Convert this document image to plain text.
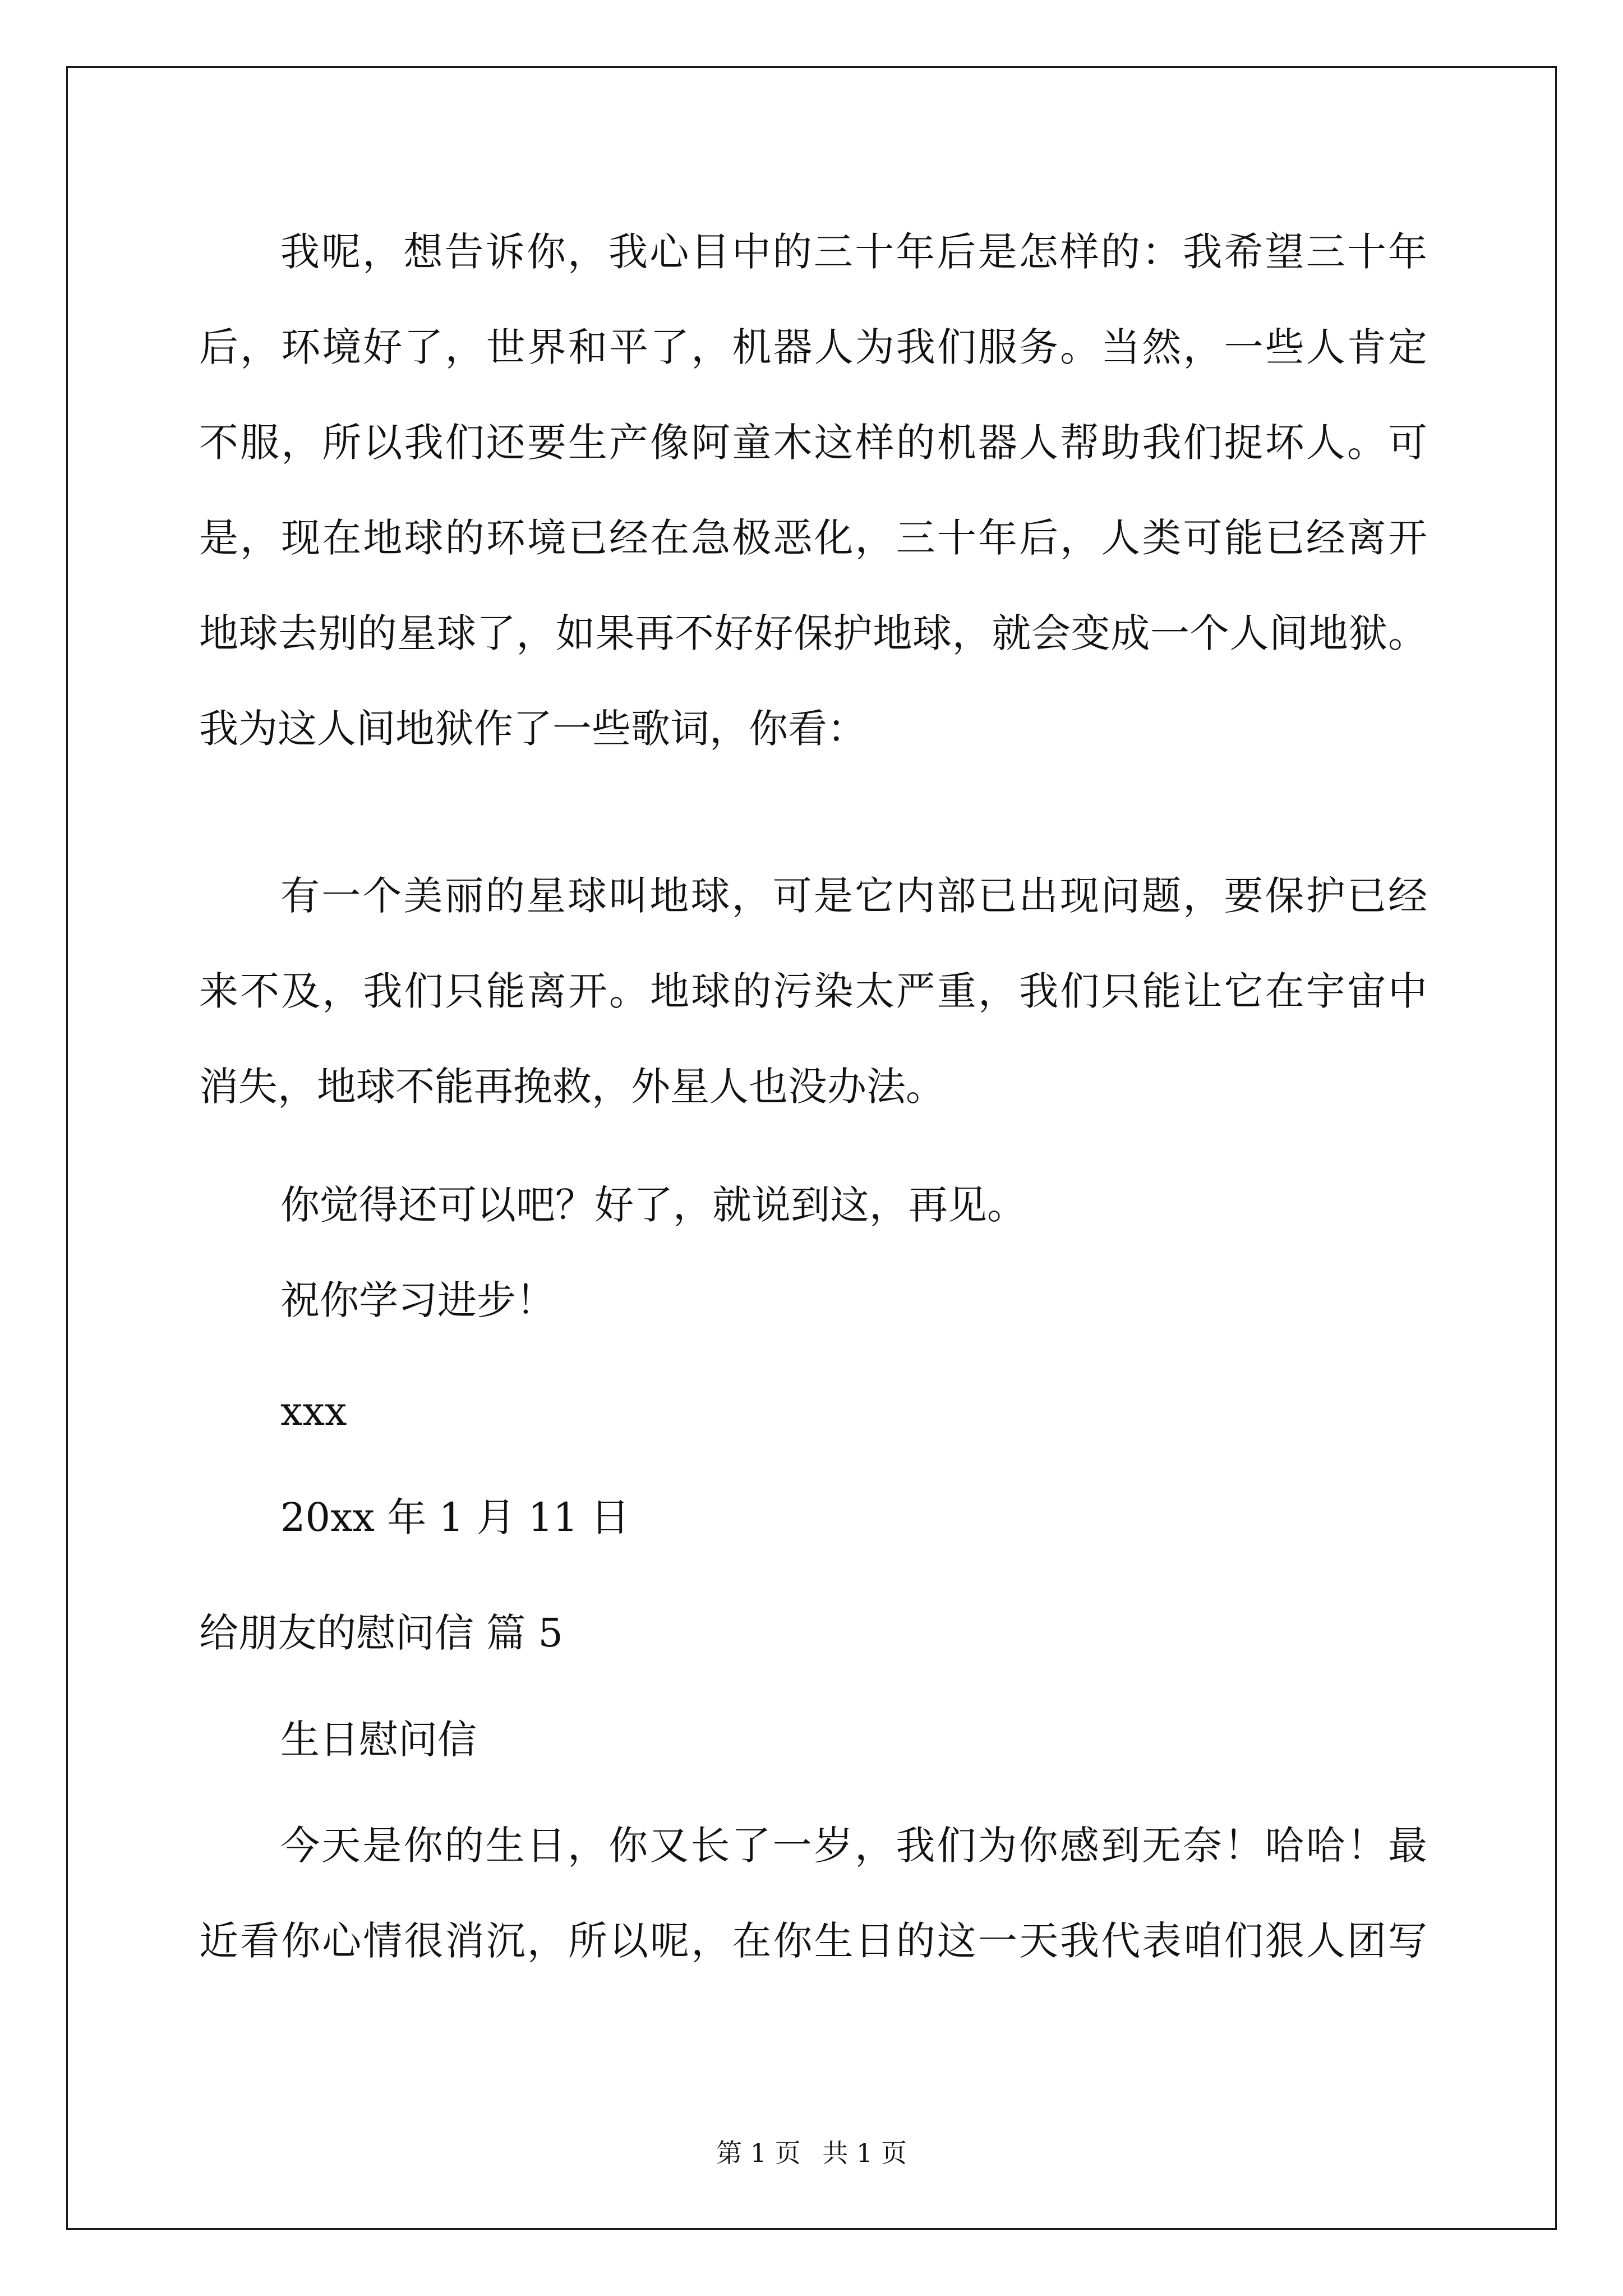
我呢，想告诉你，我心目中的三十年后是怎样的：我希望三十年

后，环境好了，世界和平了，机器人为我们服务。当然，一些人肯定

不服，所以我们还要生产像阿童木这样的机器人帮助我们捉坏人。可

是，现在地球的环境已经在急极恶化，三十年后，人类可能已经离开

地球去别的星球了，如果再不好好保护地球，就会变成一个人间地狱。

我为这人间地狱作了一些歌词，你看：

有一个美丽的星球叫地球，可是它内部已出现问题，要保护已经

来不及，我们只能离开。地球的污染太严重，我们只能让它在宇宙中

消失，地球不能再挽救，外星人也没办法。

你觉得还可以吧？好了，就说到这，再见。

祝你学习进步！

xxx

20xx 年 1 月 11 日

给朋友的慰问信 篇 5

生日慰问信

今天是你的生日，你又长了一岁，我们为你感到无奈！哈哈！最

近看你心情很消沉，所以呢，在你生日的这一天我代表咱们狠人团写

第 1 页 共 1 页
